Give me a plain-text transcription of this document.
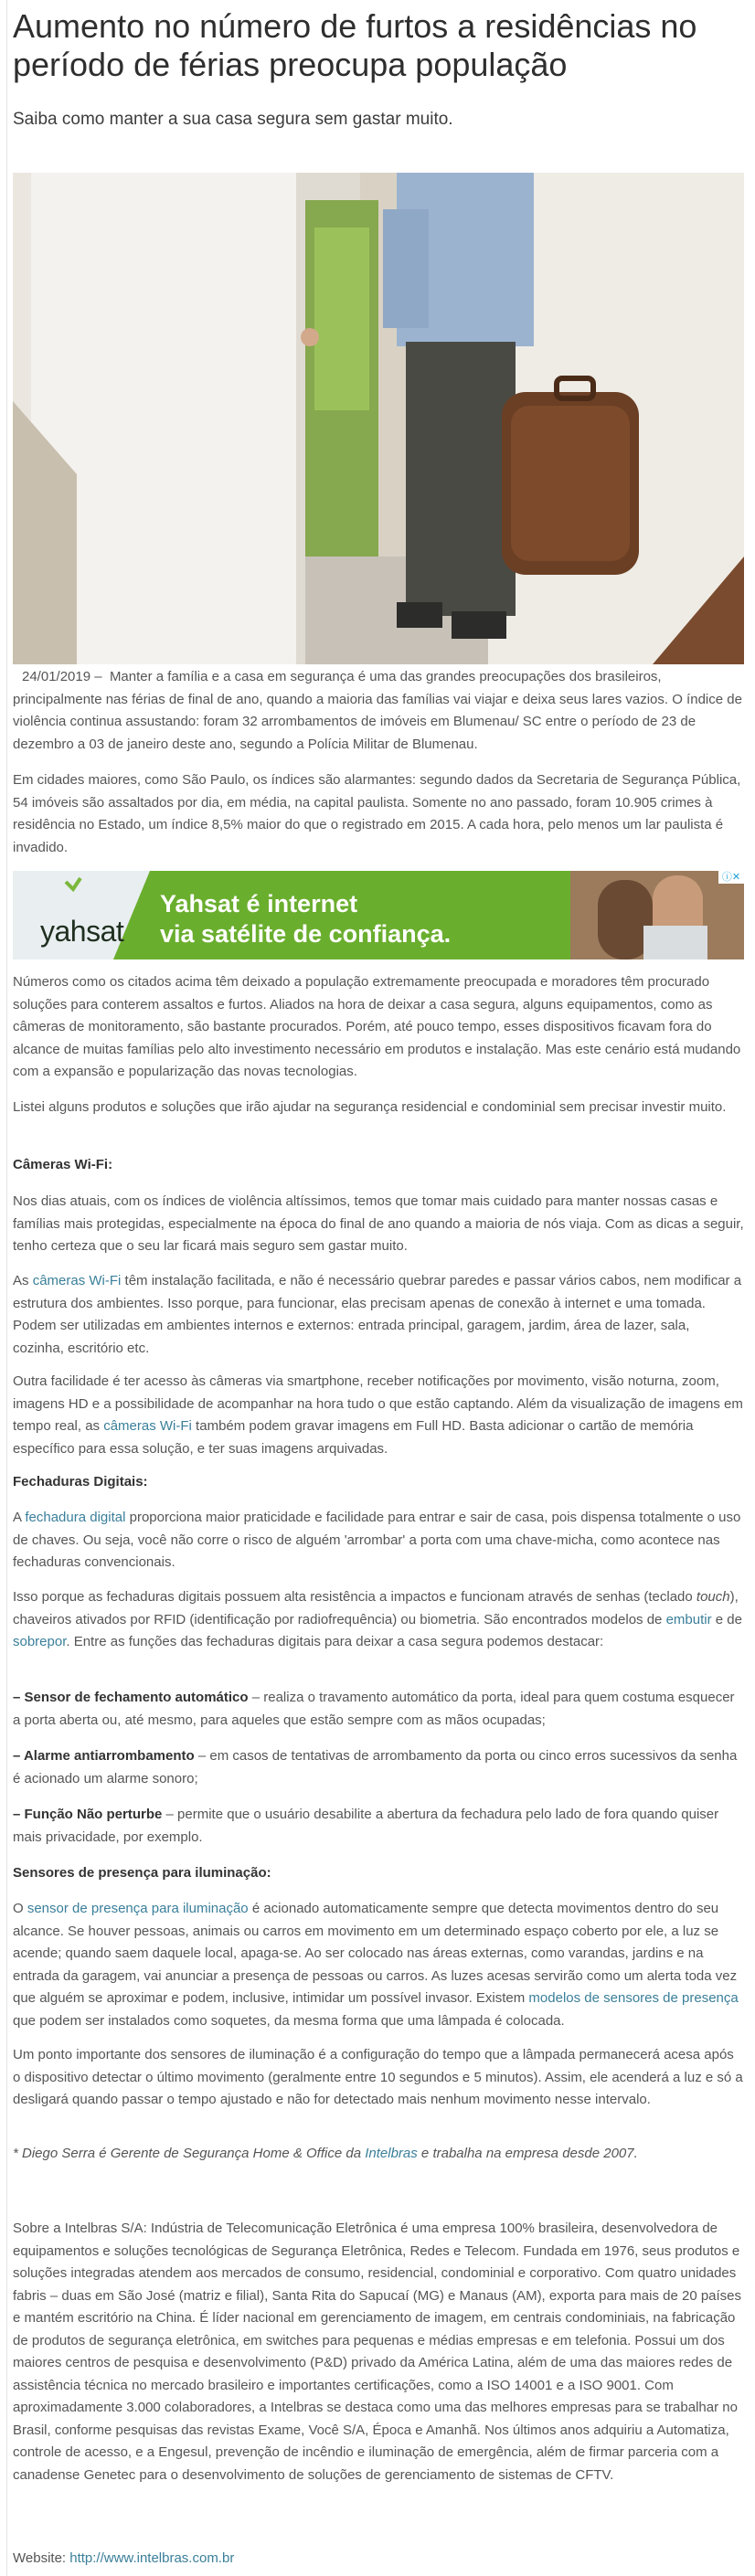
Aumento no número de furtos a residências no período de férias preocupa população
Saiba como manter a sua casa segura sem gastar muito.

24/01/2019 – Manter a família e a casa em segurança é uma das grandes preocupações dos brasileiros, principalmente nas férias de final de ano, quando a maioria das famílias vai viajar e deixa seus lares vazios. O índice de violência continua assustando: foram 32 arrombamentos de imóveis em Blumenau/ SC entre o período de 23 de dezembro a 03 de janeiro deste ano, segundo a Polícia Militar de Blumenau.

Em cidades maiores, como São Paulo, os índices são alarmantes: segundo dados da Secretaria de Segurança Pública, 54 imóveis são assaltados por dia, em média, na capital paulista. Somente no ano passado, foram 10.905 crimes à residência no Estado, um índice 8,5% maior do que o registrado em 2015. A cada hora, pelo menos um lar paulista é invadido.

yahsat
Yahsat é internet
via satélite de confiança.
ⓘ✕

Números como os citados acima têm deixado a população extremamente preocupada e moradores têm procurado soluções para conterem assaltos e furtos. Aliados na hora de deixar a casa segura, alguns equipamentos, como as câmeras de monitoramento, são bastante procurados. Porém, até pouco tempo, esses dispositivos ficavam fora do alcance de muitas famílias pelo alto investimento necessário em produtos e instalação. Mas este cenário está mudando com a expansão e popularização das novas tecnologias.

Listei alguns produtos e soluções que irão ajudar na segurança residencial e condominial sem precisar investir muito.

Câmeras Wi-Fi:

Nos dias atuais, com os índices de violência altíssimos, temos que tomar mais cuidado para manter nossas casas e famílias mais protegidas, especialmente na época do final de ano quando a maioria de nós viaja. Com as dicas a seguir, tenho certeza que o seu lar ficará mais seguro sem gastar muito.

As câmeras Wi-Fi têm instalação facilitada, e não é necessário quebrar paredes e passar vários cabos, nem modificar a estrutura dos ambientes. Isso porque, para funcionar, elas precisam apenas de conexão à internet e uma tomada. Podem ser utilizadas em ambientes internos e externos: entrada principal, garagem, jardim, área de lazer, sala, cozinha, escritório etc.

Outra facilidade é ter acesso às câmeras via smartphone, receber notificações por movimento, visão noturna, zoom, imagens HD e a possibilidade de acompanhar na hora tudo o que estão captando. Além da visualização de imagens em tempo real, as câmeras Wi-Fi também podem gravar imagens em Full HD. Basta adicionar o cartão de memória específico para essa solução, e ter suas imagens arquivadas.

Fechaduras Digitais:

A fechadura digital proporciona maior praticidade e facilidade para entrar e sair de casa, pois dispensa totalmente o uso de chaves. Ou seja, você não corre o risco de alguém 'arrombar' a porta com uma chave-micha, como acontece nas fechaduras convencionais.

Isso porque as fechaduras digitais possuem alta resistência a impactos e funcionam através de senhas (teclado touch), chaveiros ativados por RFID (identificação por radiofrequência) ou biometria. São encontrados modelos de embutir e de sobrepor. Entre as funções das fechaduras digitais para deixar a casa segura podemos destacar:

– Sensor de fechamento automático – realiza o travamento automático da porta, ideal para quem costuma esquecer a porta aberta ou, até mesmo, para aqueles que estão sempre com as mãos ocupadas;

– Alarme antiarrombamento – em casos de tentativas de arrombamento da porta ou cinco erros sucessivos da senha é acionado um alarme sonoro;

– Função Não perturbe – permite que o usuário desabilite a abertura da fechadura pelo lado de fora quando quiser mais privacidade, por exemplo.

Sensores de presença para iluminação:

O sensor de presença para iluminação é acionado automaticamente sempre que detecta movimentos dentro do seu alcance. Se houver pessoas, animais ou carros em movimento em um determinado espaço coberto por ele, a luz se acende; quando saem daquele local, apaga-se. Ao ser colocado nas áreas externas, como varandas, jardins e na entrada da garagem, vai anunciar a presença de pessoas ou carros. As luzes acesas servirão como um alerta toda vez que alguém se aproximar e podem, inclusive, intimidar um possível invasor. Existem modelos de sensores de presença que podem ser instalados como soquetes, da mesma forma que uma lâmpada é colocada.

Um ponto importante dos sensores de iluminação é a configuração do tempo que a lâmpada permanecerá acesa após o dispositivo detectar o último movimento (geralmente entre 10 segundos e 5 minutos). Assim, ele acenderá a luz e só a desligará quando passar o tempo ajustado e não for detectado mais nenhum movimento nesse intervalo.

* Diego Serra é Gerente de Segurança Home & Office da Intelbras e trabalha na empresa desde 2007.

Sobre a Intelbras S/A: Indústria de Telecomunicação Eletrônica é uma empresa 100% brasileira, desenvolvedora de equipamentos e soluções tecnológicas de Segurança Eletrônica, Redes e Telecom. Fundada em 1976, seus produtos e soluções integradas atendem aos mercados de consumo, residencial, condominial e corporativo. Com quatro unidades fabris – duas em São José (matriz e filial), Santa Rita do Sapucaí (MG) e Manaus (AM), exporta para mais de 20 países e mantém escritório na China. É líder nacional em gerenciamento de imagem, em centrais condominiais, na fabricação de produtos de segurança eletrônica, em switches para pequenas e médias empresas e em telefonia. Possui um dos maiores centros de pesquisa e desenvolvimento (P&D) privado da América Latina, além de uma das maiores redes de assistência técnica no mercado brasileiro e importantes certificações, como a ISO 14001 e a ISO 9001. Com aproximadamente 3.000 colaboradores, a Intelbras se destaca como uma das melhores empresas para se trabalhar no Brasil, conforme pesquisas das revistas Exame, Você S/A, Época e Amanhã. Nos últimos anos adquiriu a Automatiza, controle de acesso, e a Engesul, prevenção de incêndio e iluminação de emergência, além de firmar parceria com a canadense Genetec para o desenvolvimento de soluções de gerenciamento de sistemas de CFTV.

Website: http://www.intelbras.com.br
